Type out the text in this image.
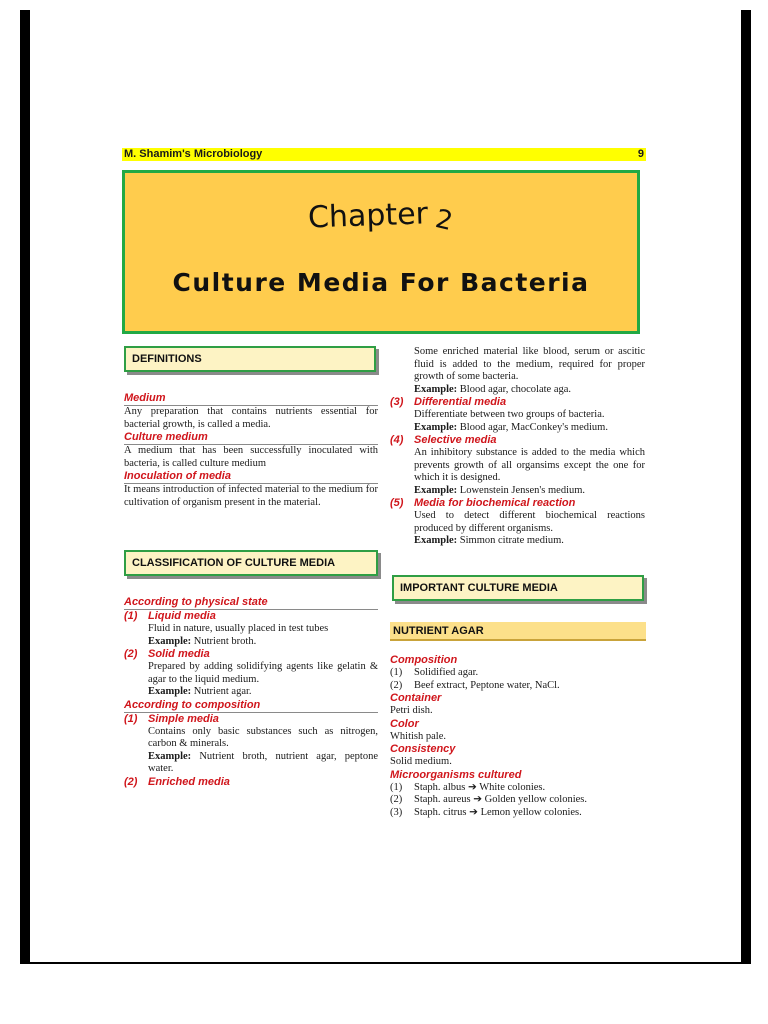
M. Shamim's Microbiology	9
Chapter 2
Culture Media For Bacteria
DEFINITIONS
CLASSIFICATION OF CULTURE MEDIA
IMPORTANT CULTURE MEDIA
NUTRIENT AGAR
Medium
Any preparation that contains nutrients essential for bacterial growth, is called a media.
Culture medium
A medium that has been successfully inoculated with bacteria, is called culture medium
Inoculation of media
It means introduction of infected material to the medium for cultivation of organism present in the material.
According to physical state
(1) Liquid media
Fluid in nature, usually placed in test tubes
Example: Nutrient broth.
(2) Solid media
Prepared by adding solidifying agents like gelatin & agar to the liquid medium.
Example: Nutrient agar.
According to composition
(1) Simple media
Contains only basic substances such as nitrogen, carbon & minerals.
Example: Nutrient broth, nutrient agar, peptone water.
(2) Enriched media
Some enriched material like blood, serum or ascitic fluid is added to the medium, required for proper growth of some bacteria.
Example: Blood agar, chocolate aga.
(3) Differential media
Differentiate between two groups of bacteria.
Example: Blood agar, MacConkey's medium.
(4) Selective media
An inhibitory substance is added to the media which prevents growth of all organsims except the one for which it is designed.
Example: Lowenstein Jensen's medium.
(5) Media for biochemical reaction
Used to detect different biochemical reactions produced by different organisms.
Example: Simmon citrate medium.
Composition
(1)	Solidified agar.
(2)	Beef extract, Peptone water, NaCl.
Container
Petri dish.
Color
Whitish pale.
Consistency
Solid medium.
Microorganisms cultured
(1)	Staph. albus ➔ White colonies.
(2)	Staph. aureus ➔ Golden yellow colonies.
(3)	Staph. citrus ➔ Lemon yellow colonies.
